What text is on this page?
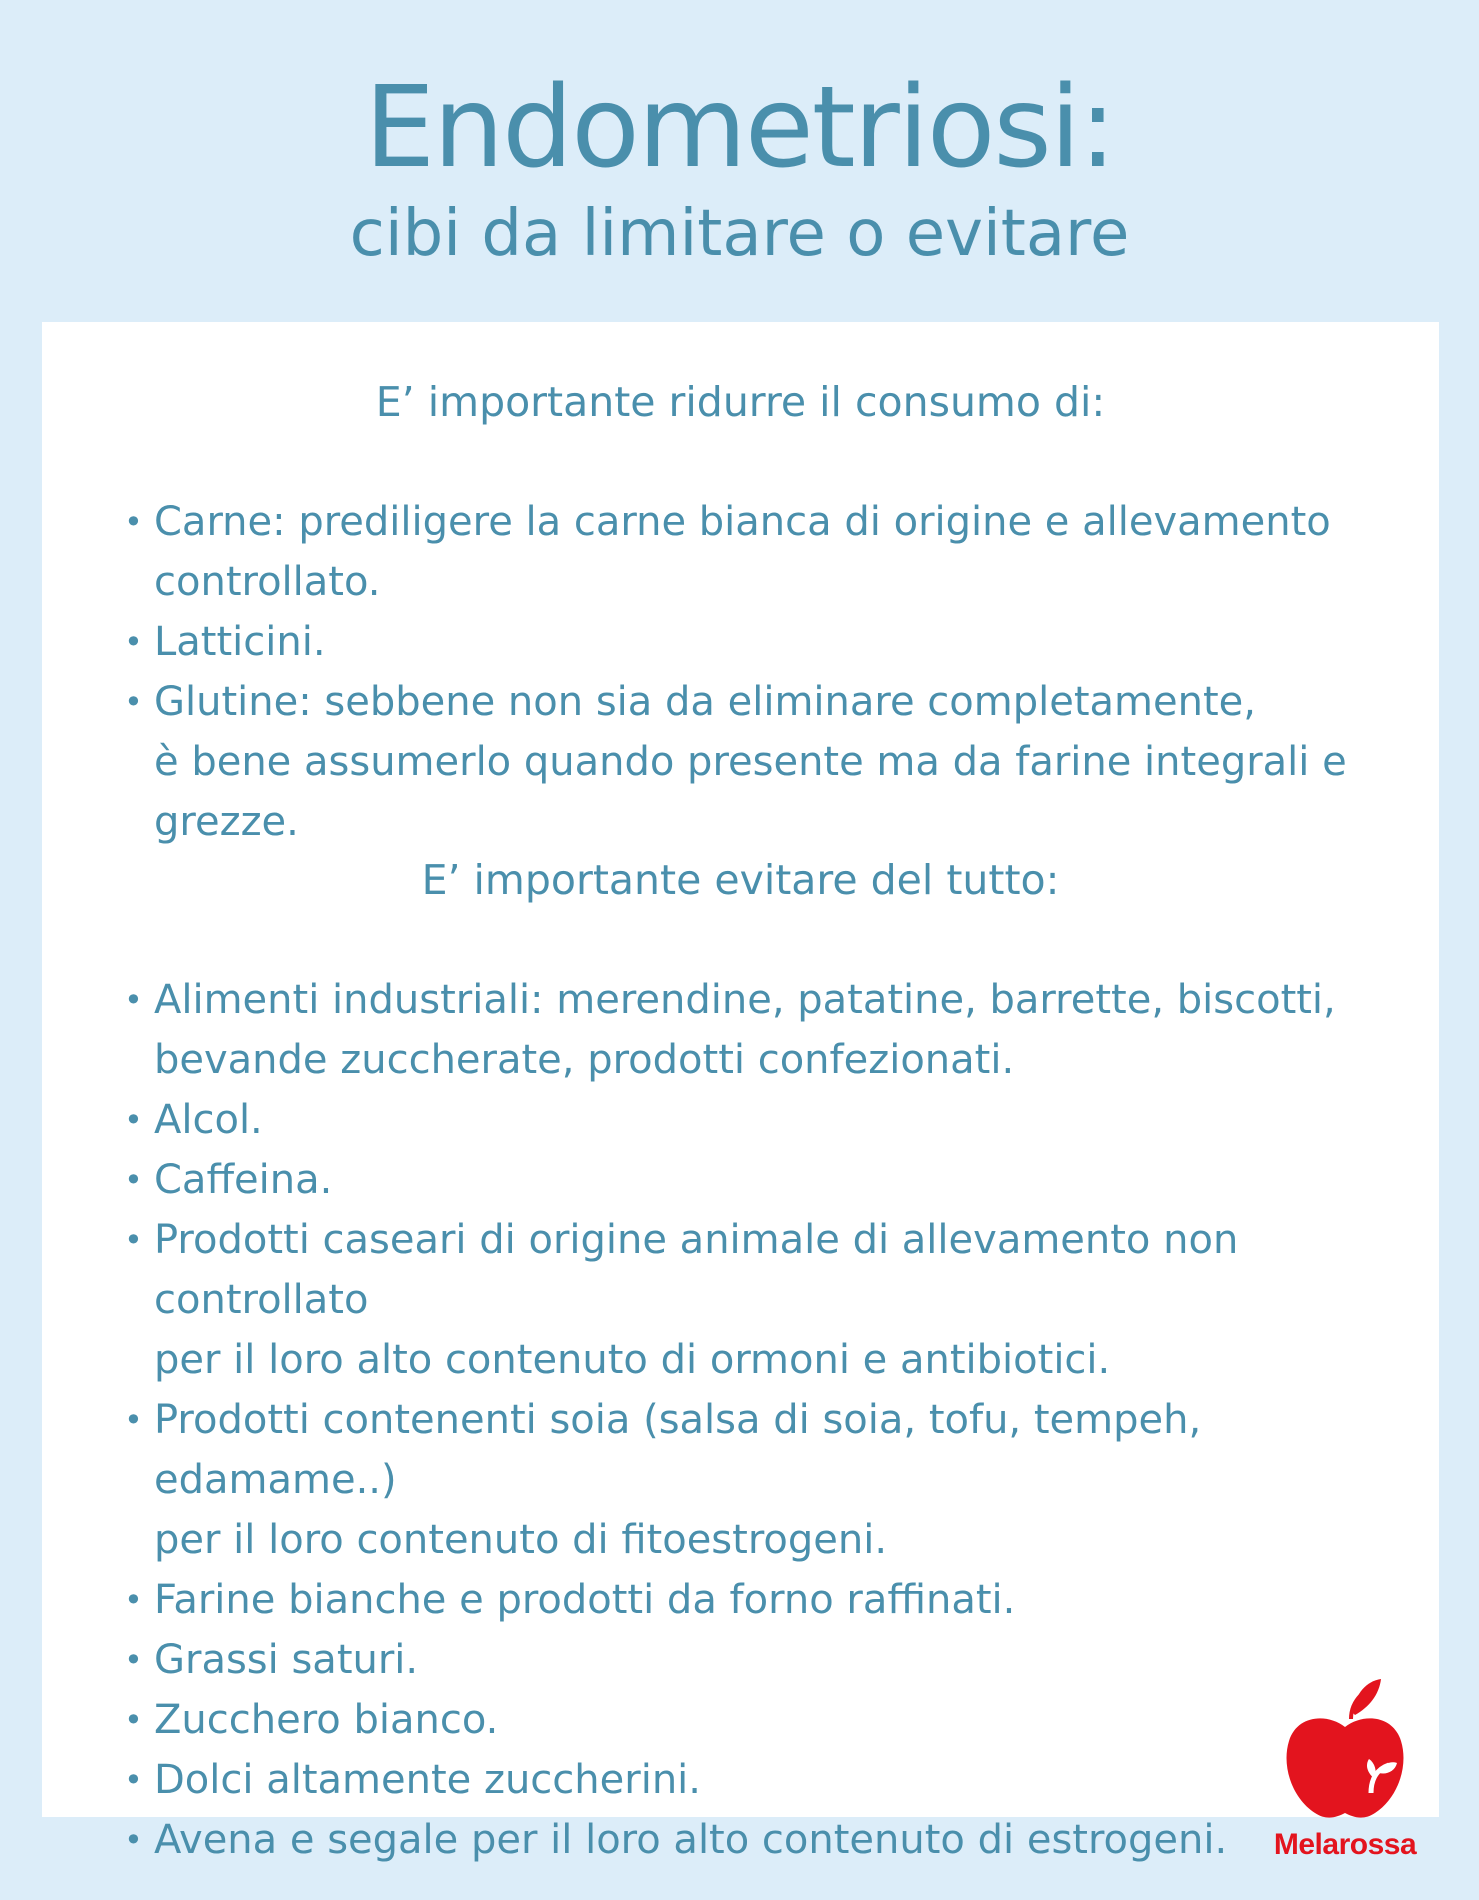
Endometriosi:
cibi da limitare o evitare
E’ importante ridurre il consumo di:
• Carne: prediligere la carne bianca di origine e allevamento
controllato.
• Latticini.
• Glutine: sebbene non sia da eliminare completamente,
è bene assumerlo quando presente ma da farine integrali e grezze.
E’ importante evitare del tutto:
• Alimenti industriali: merendine, patatine, barrette, biscotti,
bevande zuccherate, prodotti confezionati.
• Alcol.
• Caffeina.
• Prodotti caseari di origine animale di allevamento non controllato
per il loro alto contenuto di ormoni e antibiotici.
• Prodotti contenenti soia (salsa di soia, tofu, tempeh, edamame..)
per il loro contenuto di fitoestrogeni.
• Farine bianche e prodotti da forno raffinati.
• Grassi saturi.
• Zucchero bianco.
• Dolci altamente zuccherini.
• Avena e segale per il loro alto contenuto di estrogeni.	Melarossa
